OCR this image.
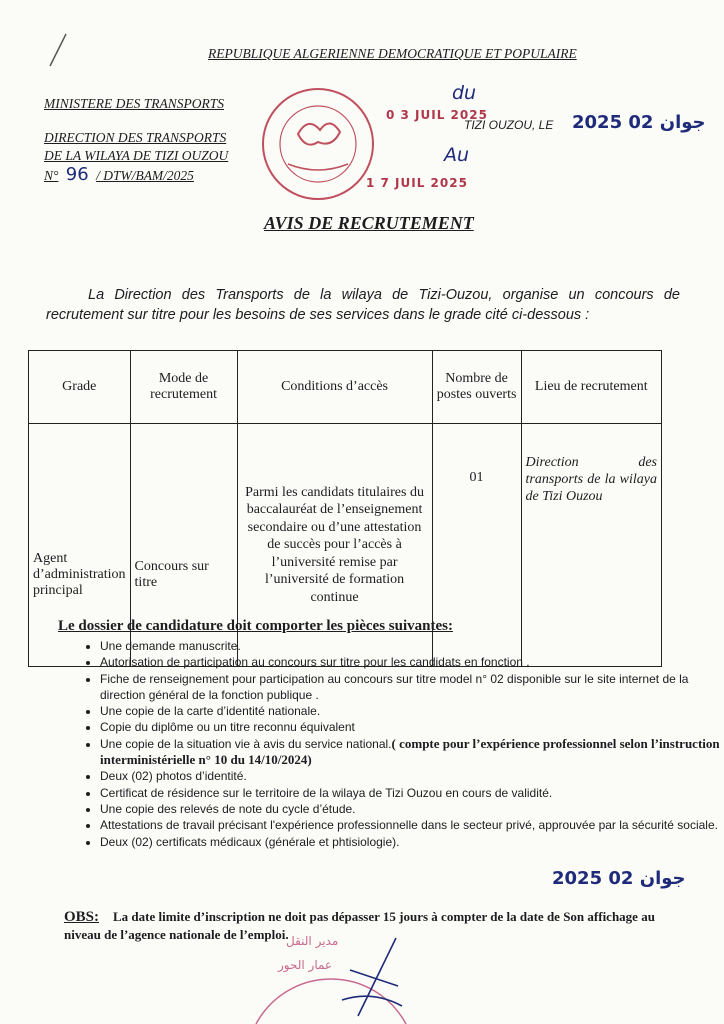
REPUBLIQUE ALGERIENNE DEMOCRATIQUE ET POPULAIRE
MINISTERE DES TRANSPORTS
DIRECTION DES TRANSPORTS
DE LA WILAYA DE TIZI OUZOU
N° 96 / DTW/BAM/2025
du
0 3 JUIL 2025
Au
1 7 JUIL 2025
TIZI OUZOU, LE 2025 جوان 02
AVIS DE RECRUTEMENT
La Direction des Transports de la wilaya de Tizi-Ouzou, organise un concours de recrutement sur titre pour les besoins de ses services dans le grade cité ci-dessous :
Grade	Mode de recrutement	Conditions d’accès	Nombre de postes ouverts	Lieu de recrutement
Agent d’administration principal	Concours sur titre	Parmi les candidats titulaires du baccalauréat de l’enseignement secondaire ou d’une attestation de succès pour l’accès à l’université remise par l’université de formation continue	01	Direction des transports de la wilaya de Tizi Ouzou
Le dossier de candidature doit comporter les pièces suivantes:
• Une demande manuscrite.
• Autorisation de participation au concours sur titre pour les candidats en fonction .
• Fiche de renseignement pour participation au concours sur titre model n° 02 disponible sur le site internet de la direction général de la fonction publique .
• Une copie de la carte d’identité nationale.
• Copie du diplôme ou un titre reconnu équivalent
• Une copie de la situation vie à avis du service national.( compte pour l’expérience professionnel selon l’instruction interministérielle n° 10 du 14/10/2024)
• Deux (02) photos d’identité.
• Certificat de résidence sur le territoire de la wilaya de Tizi Ouzou en cours de validité.
• Une copie des relevés de note du cycle d’étude.
• Attestations de travail précisant l'expérience professionnelle dans le secteur privé, approuvée par la sécurité sociale.
• Deux (02) certificats médicaux (générale et phtisiologie).
2025 جوان 02
OBS: La date limite d’inscription ne doit pas dépasser 15 jours à compter de la date de Son affichage au niveau de l’agence nationale de l’emploi.
مدير النقل
عمار الحور
